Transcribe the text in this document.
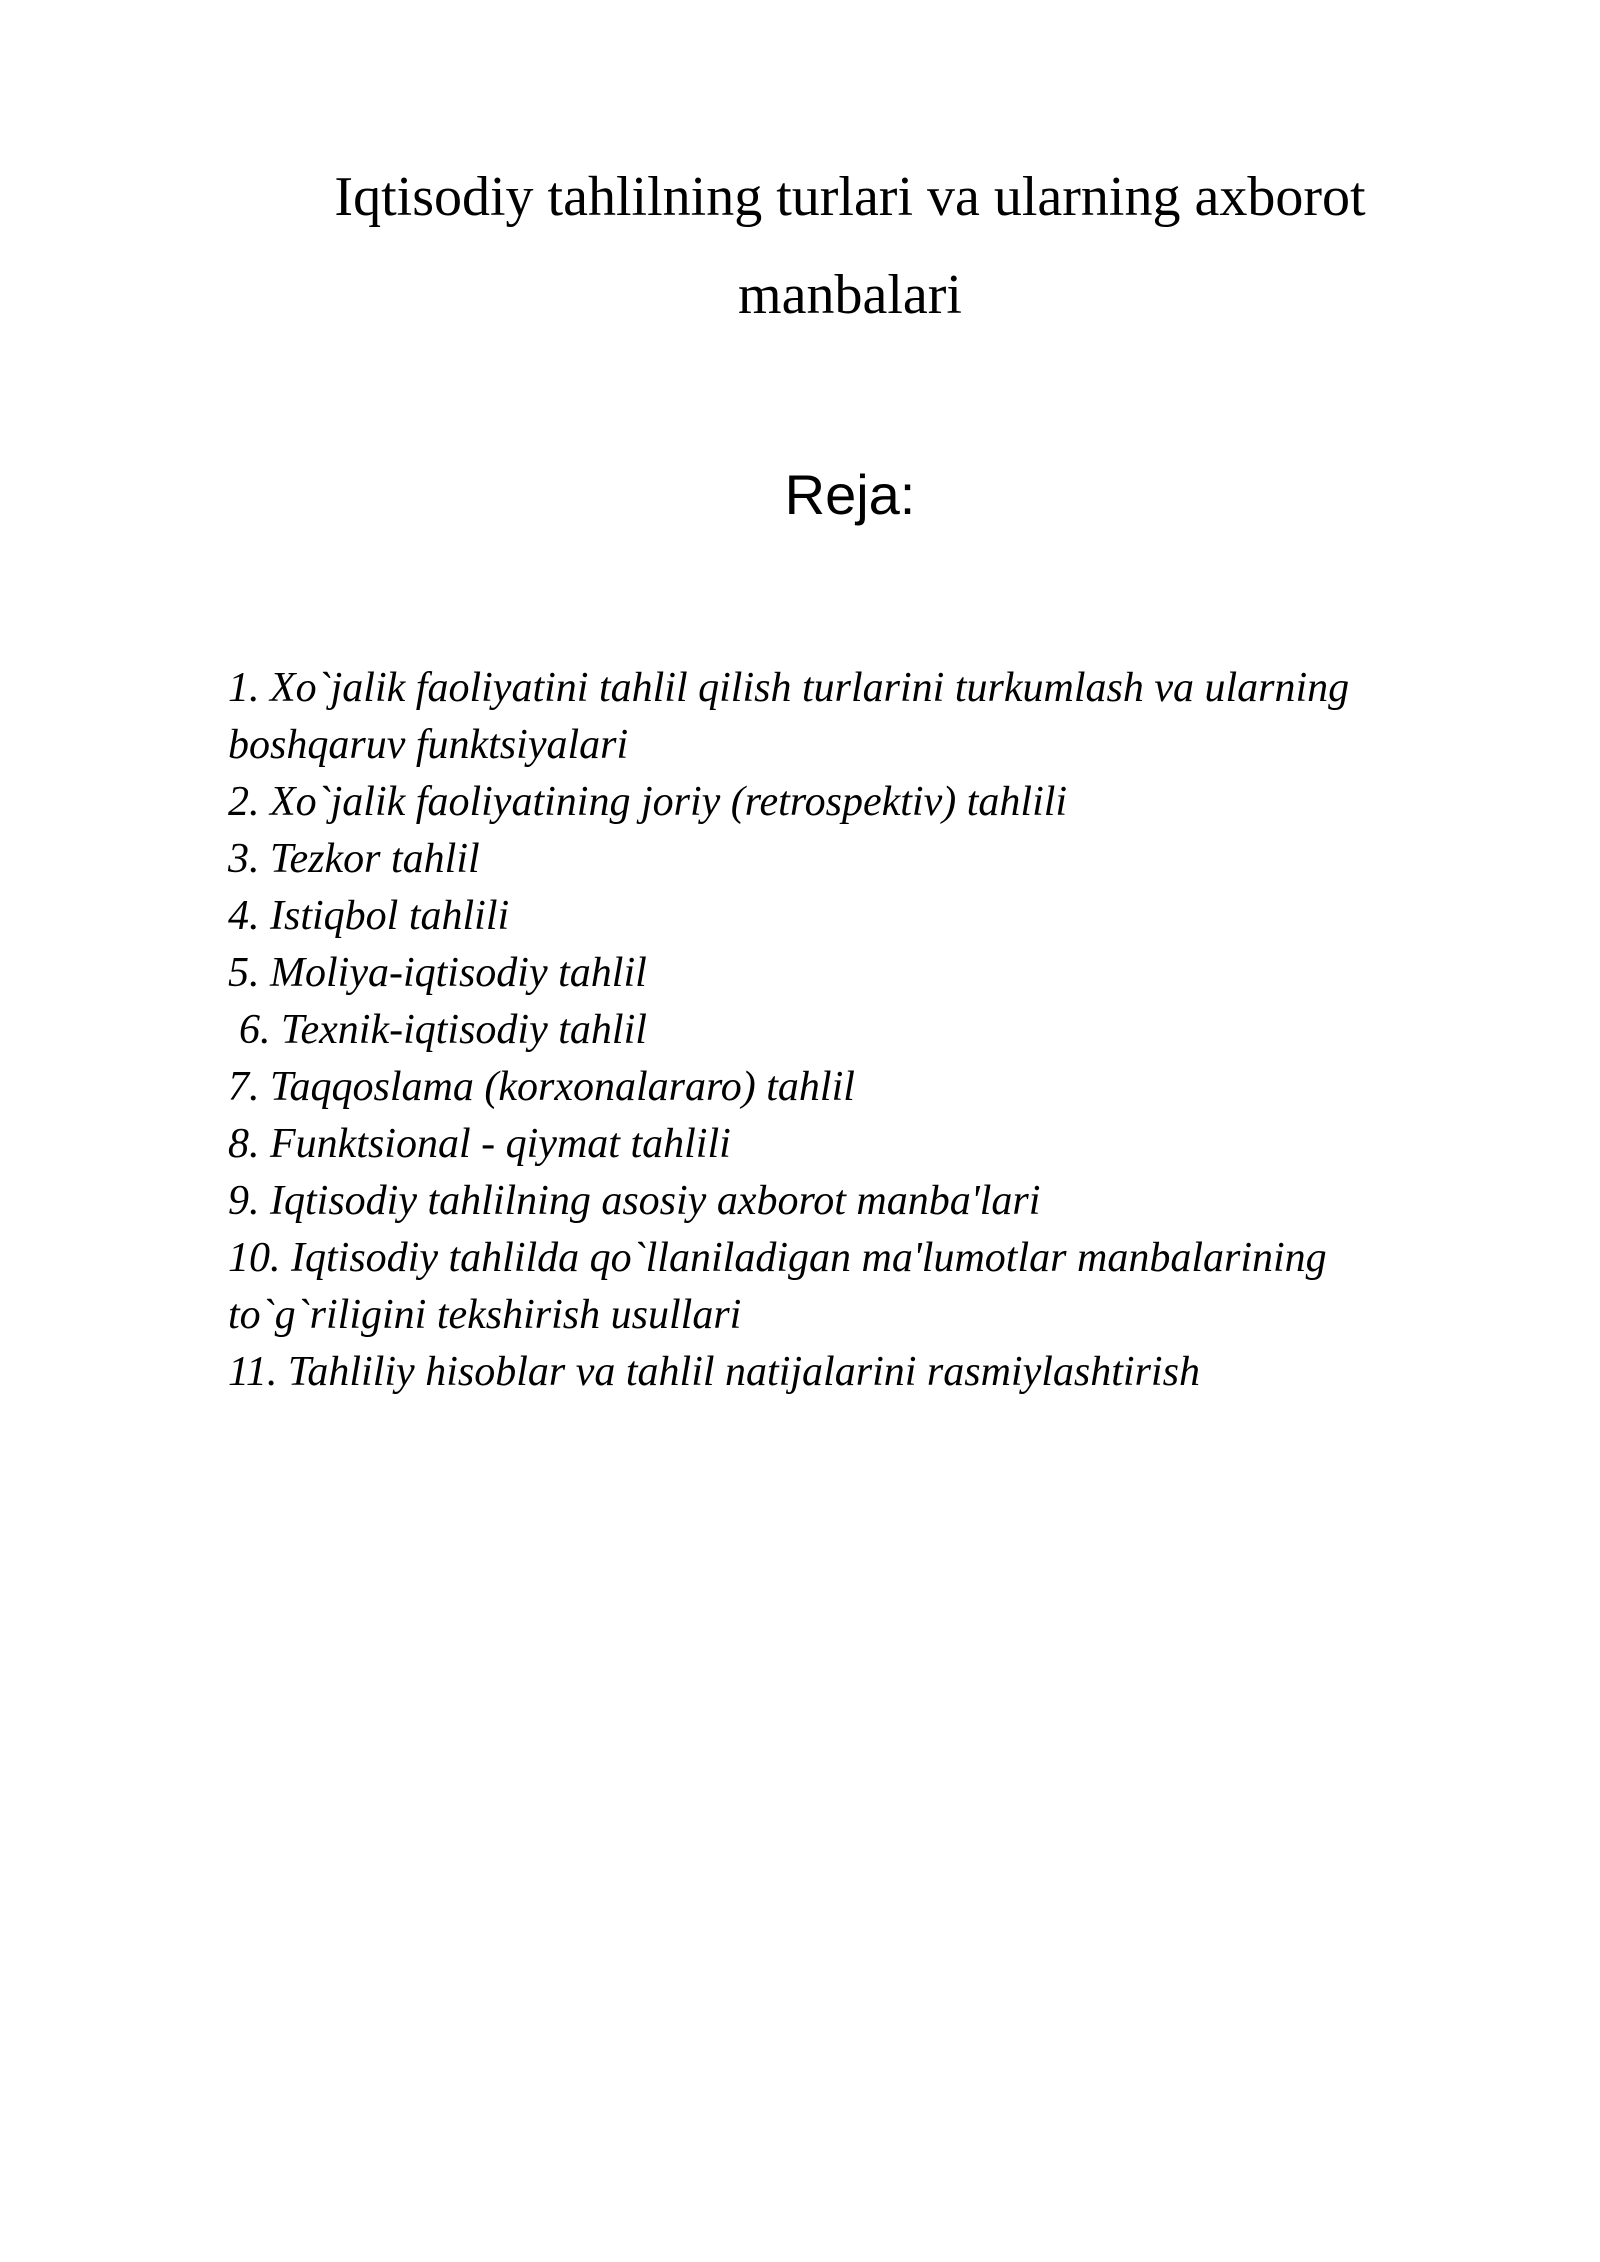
Iqtisodiy tahlilning turlari va ularning axborot manbalari
Reja:
1. Xo`jalik faoliyatini tahlil qilish turlarini turkumlash va ularning boshqaruv funktsiyalari
2. Xo`jalik faoliyatining joriy (retrospektiv) tahlili
3. Tezkor tahlil
4. Istiqbol tahlili
5. Moliya-iqtisodiy tahlil
6. Texnik-iqtisodiy tahlil
7. Taqqoslama (korxonalararo) tahlil
8. Funktsional - qiymat tahlili
9. Iqtisodiy tahlilning asosiy axborot manba'lari
10. Iqtisodiy tahlilda qo`llaniladigan ma'lumotlar manbalarining to`g`riligini tekshirish usullari
11. Tahliliy hisoblar va tahlil natijalarini rasmiylashtirish
